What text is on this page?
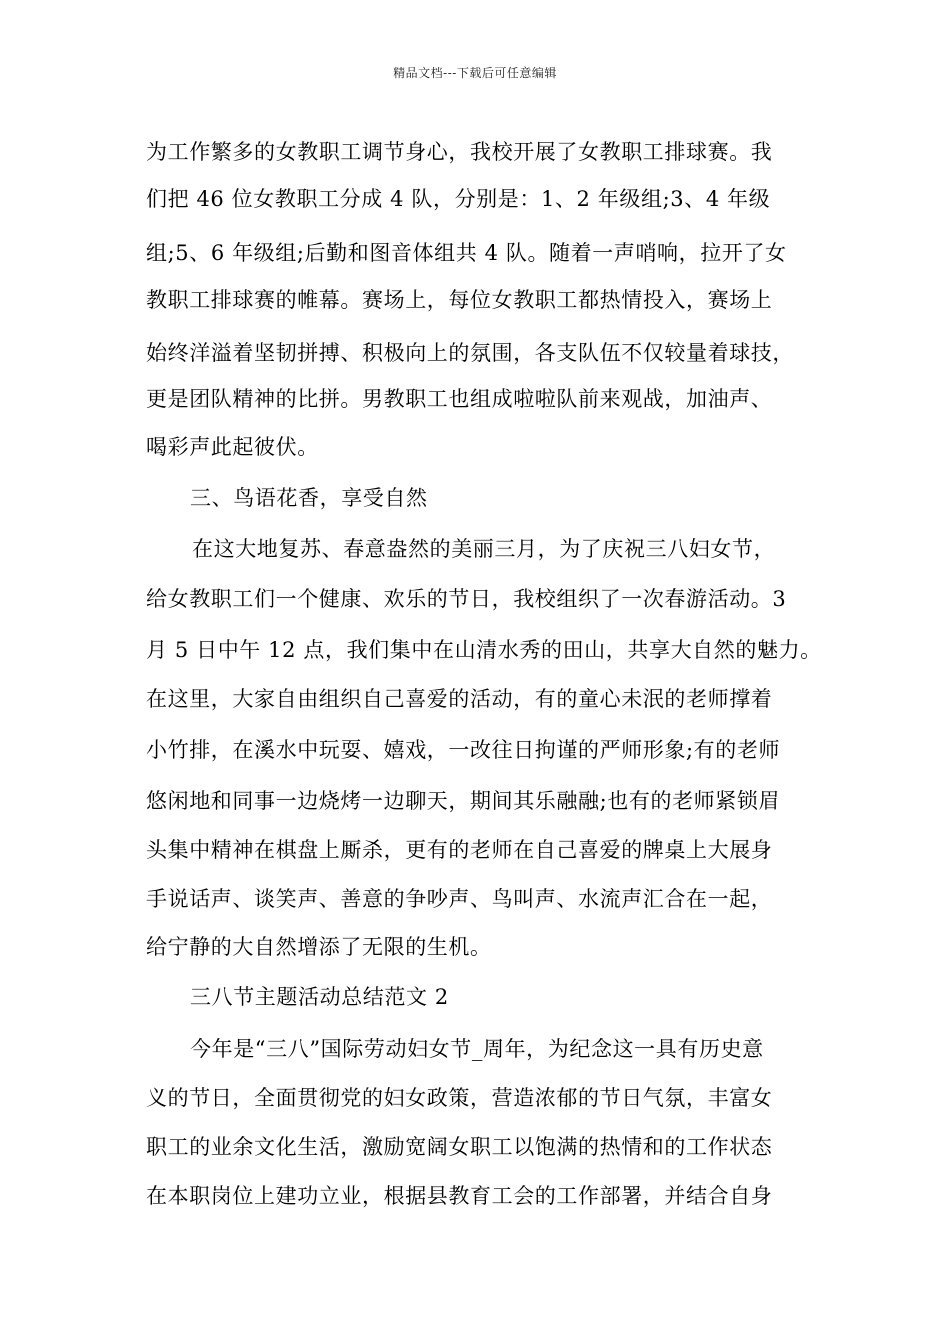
精品文档---下载后可任意编辑
为工作繁多的女教职工调节身心，我校开展了女教职工排球赛。我
们把 46 位女教职工分成 4 队，分别是：1、2 年级组;3、4 年级
组;5、6 年级组;后勤和图音体组共 4 队。随着一声哨响，拉开了女
教职工排球赛的帷幕。赛场上，每位女教职工都热情投入，赛场上
始终洋溢着坚韧拼搏、积极向上的氛围，各支队伍不仅较量着球技，
更是团队精神的比拼。男教职工也组成啦啦队前来观战，加油声、
喝彩声此起彼伏。
三、鸟语花香，享受自然
在这大地复苏、春意盎然的美丽三月，为了庆祝三八妇女节，
给女教职工们一个健康、欢乐的节日，我校组织了一次春游活动。3
月 5 日中午 12 点，我们集中在山清水秀的田山，共享大自然的魅力。
在这里，大家自由组织自己喜爱的活动，有的童心未泯的老师撑着
小竹排，在溪水中玩耍、嬉戏，一改往日拘谨的严师形象;有的老师
悠闲地和同事一边烧烤一边聊天，期间其乐融融;也有的老师紧锁眉
头集中精神在棋盘上厮杀，更有的老师在自己喜爱的牌桌上大展身
手说话声、谈笑声、善意的争吵声、鸟叫声、水流声汇合在一起，
给宁静的大自然增添了无限的生机。
三八节主题活动总结范文 2
今年是“三八”国际劳动妇女节_周年，为纪念这一具有历史意
义的节日，全面贯彻党的妇女政策，营造浓郁的节日气氛，丰富女
职工的业余文化生活，激励宽阔女职工以饱满的热情和的工作状态
在本职岗位上建功立业，根据县教育工会的工作部署，并结合自身
